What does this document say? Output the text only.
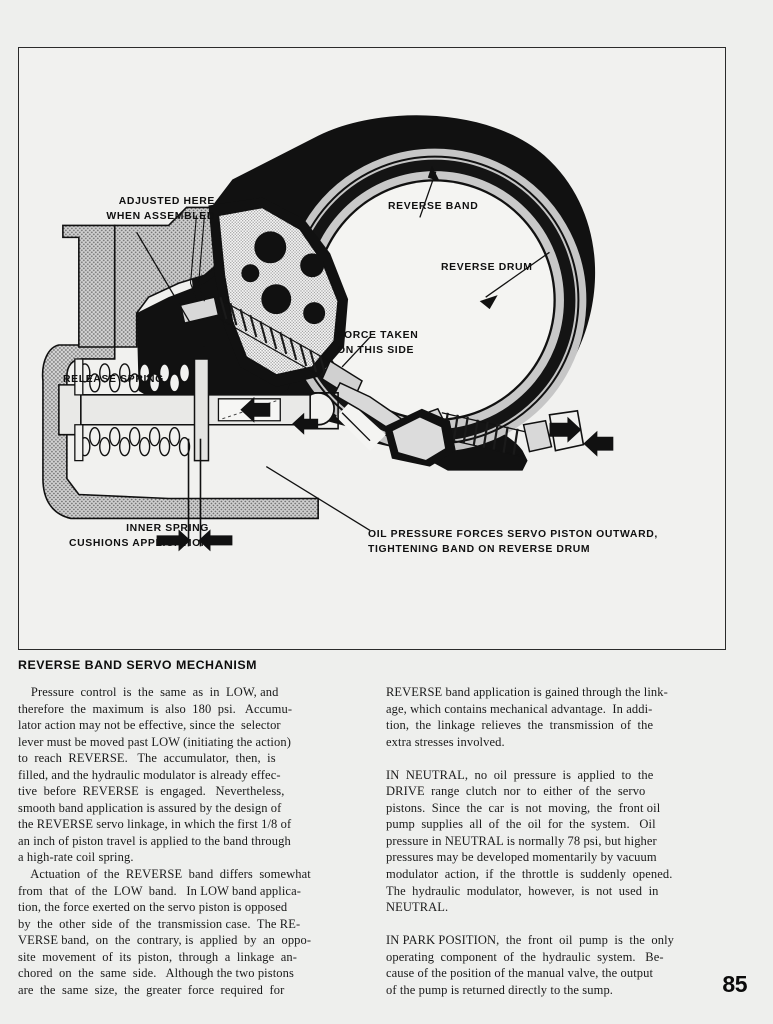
ADJUSTED HERE
WHEN ASSEMBLED
REVERSE BAND
REVERSE DRUM
FORCE TAKEN
ON THIS SIDE
RELEASE SPRING
INNER SPRING
CUSHIONS APPLICATION
OIL PRESSURE FORCES SERVO PISTON OUTWARD,
TIGHTENING BAND ON REVERSE DRUM
REVERSE BAND SERVO MECHANISM

Pressure  control  is  the  same  as  in  LOW, and
therefore  the  maximum  is  also  180  psi.   Accumu-
lator action may not be effective, since the  selector
lever must be moved past LOW (initiating the action)
to  reach  REVERSE.   The  accumulator,  then,  is
filled, and the hydraulic modulator is already effec-
tive  before  REVERSE  is  engaged.   Nevertheless,
smooth band application is assured by the design of
the REVERSE servo linkage, in which the first 1/8 of
an inch of piston travel is applied to the band through
a high-rate coil spring.

Actuation  of  the  REVERSE  band  differs  somewhat
from  that  of  the  LOW  band.   In LOW band applica-
tion, the force exerted on the servo piston is opposed
by  the  other  side  of  the  transmission case.  The RE-
VERSE band,  on  the  contrary, is  applied  by  an  oppo-
site  movement  of  its  piston,  through  a  linkage  an-
chored  on  the  same  side.   Although the two pistons
are  the  same  size,  the  greater  force  required  for

REVERSE band application is gained through the link-
age, which contains mechanical advantage.  In addi-
tion,  the  linkage  relieves  the  transmission  of  the
extra stresses involved.

IN  NEUTRAL,  no  oil  pressure  is  applied  to  the
DRIVE  range  clutch  nor  to  either  of  the  servo
pistons.  Since  the  car  is  not  moving,  the  front oil
pump  supplies  all  of  the  oil  for  the  system.   Oil
pressure in NEUTRAL is normally 78 psi, but higher
pressures may be developed momentarily by vacuum
modulator  action,  if  the  throttle  is  suddenly  opened.
The  hydraulic  modulator,  however,  is  not  used  in
NEUTRAL.

IN PARK POSITION,  the  front  oil  pump  is  the  only
operating  component  of  the  hydraulic  system.   Be-
cause of the position of the manual valve, the output
of the pump is returned directly to the sump.	85
